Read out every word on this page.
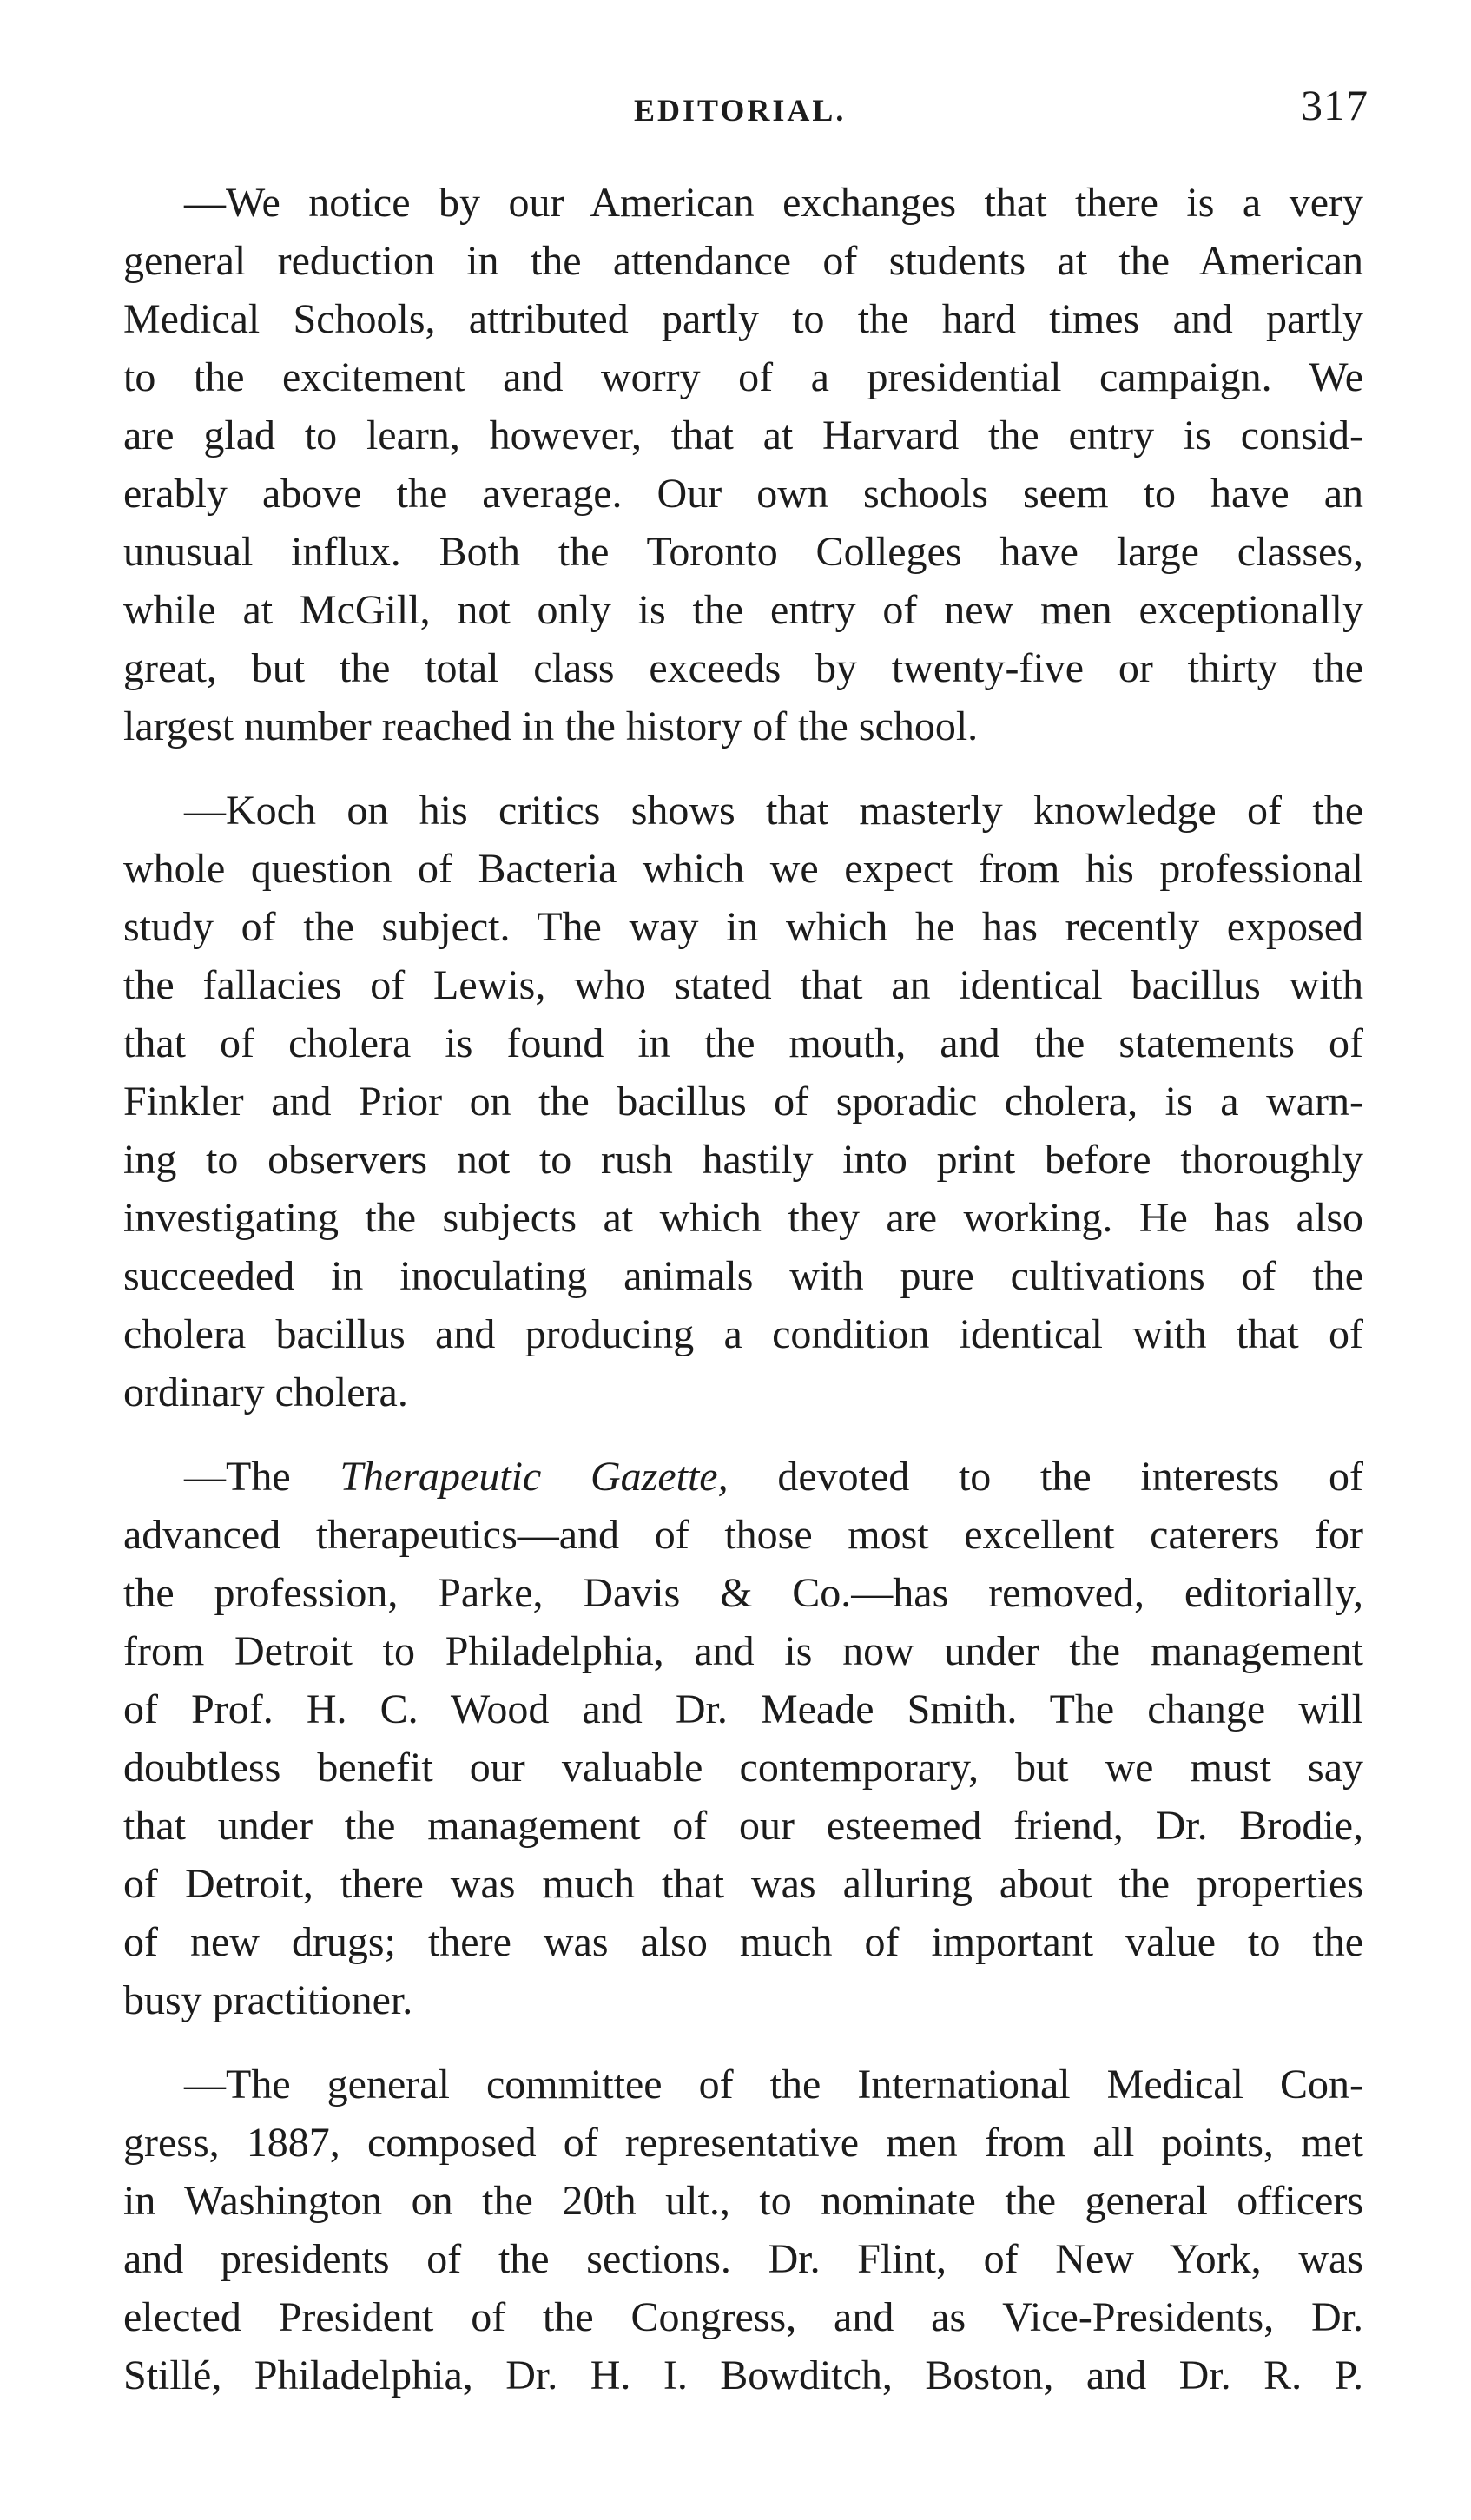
EDITORIAL.	317
—We notice by our American exchanges that there is a very
general reduction in the attendance of students at the American
Medical Schools, attributed partly to the hard times and partly
to the excitement and worry of a presidential campaign. We
are glad to learn, however, that at Harvard the entry is consid-
erably above the average. Our own schools seem to have an
unusual influx. Both the Toronto Colleges have large classes,
while at McGill, not only is the entry of new men exceptionally
great, but the total class exceeds by twenty-five or thirty the
largest number reached in the history of the school.
—Koch on his critics shows that masterly knowledge of the
whole question of Bacteria which we expect from his professional
study of the subject. The way in which he has recently exposed
the fallacies of Lewis, who stated that an identical bacillus with
that of cholera is found in the mouth, and the statements of
Finkler and Prior on the bacillus of sporadic cholera, is a warn-
ing to observers not to rush hastily into print before thoroughly
investigating the subjects at which they are working. He has also
succeeded in inoculating animals with pure cultivations of the
cholera bacillus and producing a condition identical with that of
ordinary cholera.
—The Therapeutic Gazette, devoted to the interests of
advanced therapeutics—and of those most excellent caterers for
the profession, Parke, Davis & Co.—has removed, editorially,
from Detroit to Philadelphia, and is now under the management
of Prof. H. C. Wood and Dr. Meade Smith. The change will
doubtless benefit our valuable contemporary, but we must say
that under the management of our esteemed friend, Dr. Brodie,
of Detroit, there was much that was alluring about the properties
of new drugs; there was also much of important value to the
busy practitioner.
—The general committee of the International Medical Con-
gress, 1887, composed of representative men from all points, met
in Washington on the 20th ult., to nominate the general officers
and presidents of the sections. Dr. Flint, of New York, was
elected President of the Congress, and as Vice-Presidents, Dr.
Stillé, Philadelphia, Dr. H. I. Bowditch, Boston, and Dr. R. P.
